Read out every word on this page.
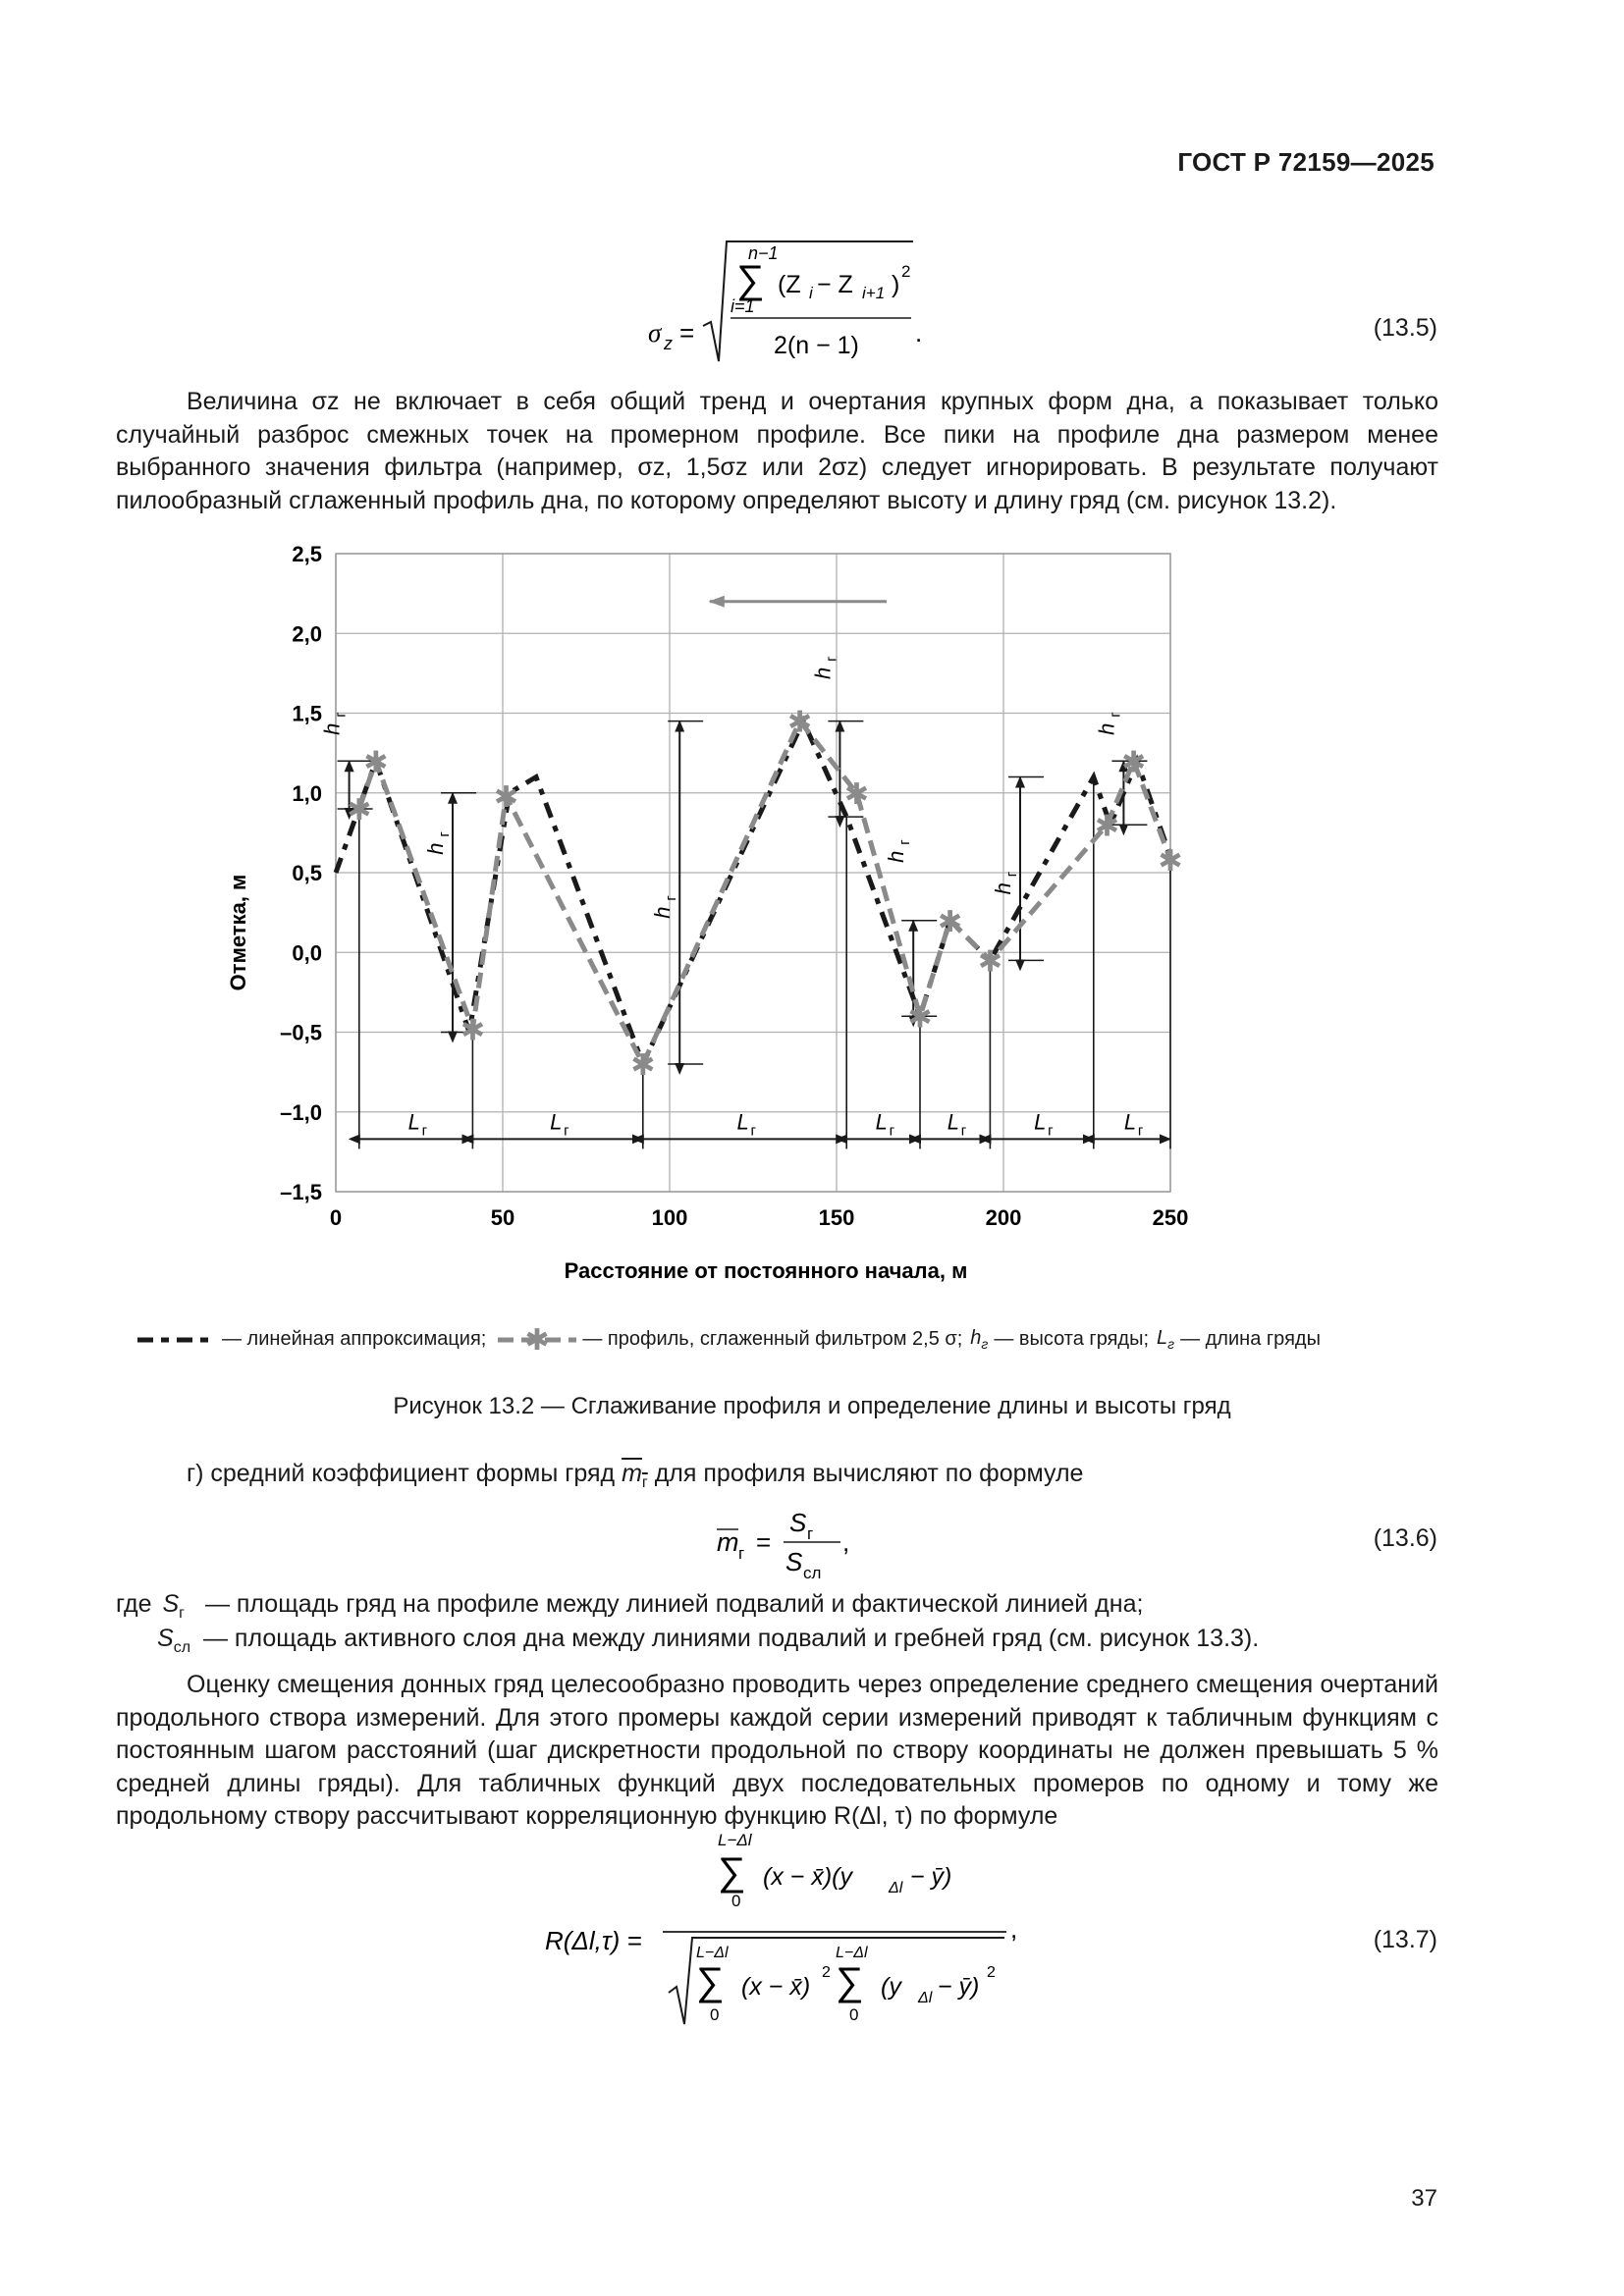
ГОСТ Р 72159—2025
σ z =
n−1
∑
i=1
(Z i − Z i+1 ) 2
2(n − 1) .	(13.5)

Величина σz не включает в себя общий тренд и очертания крупных форм дна, а показывает только случайный разброс смежных точек на промерном профиле. Все пики на профиле дна размером менее выбранного значения фильтра (например, σz, 1,5σz или 2σz) следует игнорировать. В результате получают пилообразный сглаженный профиль дна, по которому определяют высоту и длину гряд (см. рисунок 13.2).

L г	L г	L г	L г L г	L г	L г
h
г
h
г
h
г
h
г
h
г
h
г
h
г
✱
✱
✱
✱
✱
✱
✱
✱
✱
✱
✱
✱
✱
2,5
2,0
1,5
1,0
0,5
0,0
–0,5
–1,0
–1,5
0	50	100	150	200	250
Отметка, м
Расстояние от постоянного начала, м
— линейная аппроксимация; ✱ — профиль, сглаженный фильтром 2,5 σ; $h_г$ — высота гряды; $L_г$ — длина гряды
Рисунок 13.2 — Сглаживание профиля и определение длины и высоты гряд

г) средний коэффициент формы гряд $m_г$ для профиля вычисляют по формуле

m г =
S г
S сл
,	(13.6)
где $S_г$ — площадь гряд на профиле между линией подвалий и фактической линией дна;
$S_{сл}$ — площадь активного слоя дна между линиями подвалий и гребней гряд (см. рисунок 13.3).

Оценку смещения донных гряд целесообразно проводить через определение среднего смещения очертаний продольного створа измерений. Для этого промеры каждой серии измерений приводят к табличным функциям с постоянным шагом расстояний (шаг дискретности продольной по створу координаты не должен превышать 5 % средней длины гряды). Для табличных функций двух последовательных промеров по одному и тому же продольному створу рассчитывают корреляционную функцию R(Δl, τ) по формуле

R(Δl,τ) =
L−Δl
∑
0
(x − x̄)(y Δl − ȳ)
L−Δl
∑
0
(x − x̄)
2
L−Δl
∑
0
(y Δl − ȳ)
2
,	(13.7)
37
